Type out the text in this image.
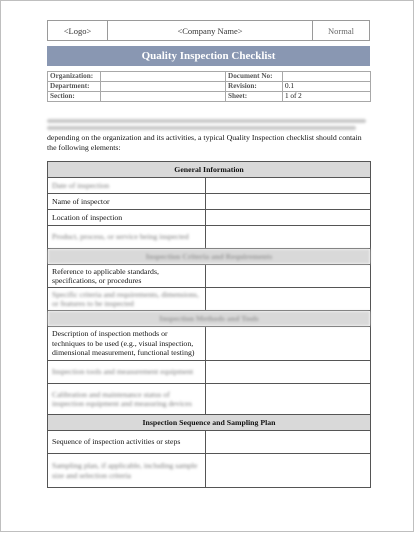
<Logo>	<Company Name>	Normal
Quality Inspection Checklist
Organization:		Document No:	
Department:		Revision:	0.1
Section:		Sheet:	1 of 2
depending on the organization and its activities, a typical Quality Inspection checklist should contain the following elements:
General Information	
Date of inspection	
Name of inspector	
Location of inspection	
Product, process, or service being inspected	
Inspection Criteria and Requirements	
Reference to applicable standards, specifications, or procedures	
Specific criteria and requirements, dimensions, or features to be inspected	
Inspection Methods and Tools	
Description of inspection methods or techniques to be used (e.g., visual inspection, dimensional measurement, functional testing)	
Inspection tools and measurement equipment	
Calibration and maintenance status of inspection equipment and measuring devices	
Inspection Sequence and Sampling Plan	
Sequence of inspection activities or steps	
Sampling plan, if applicable, including sample size and selection criteria	
